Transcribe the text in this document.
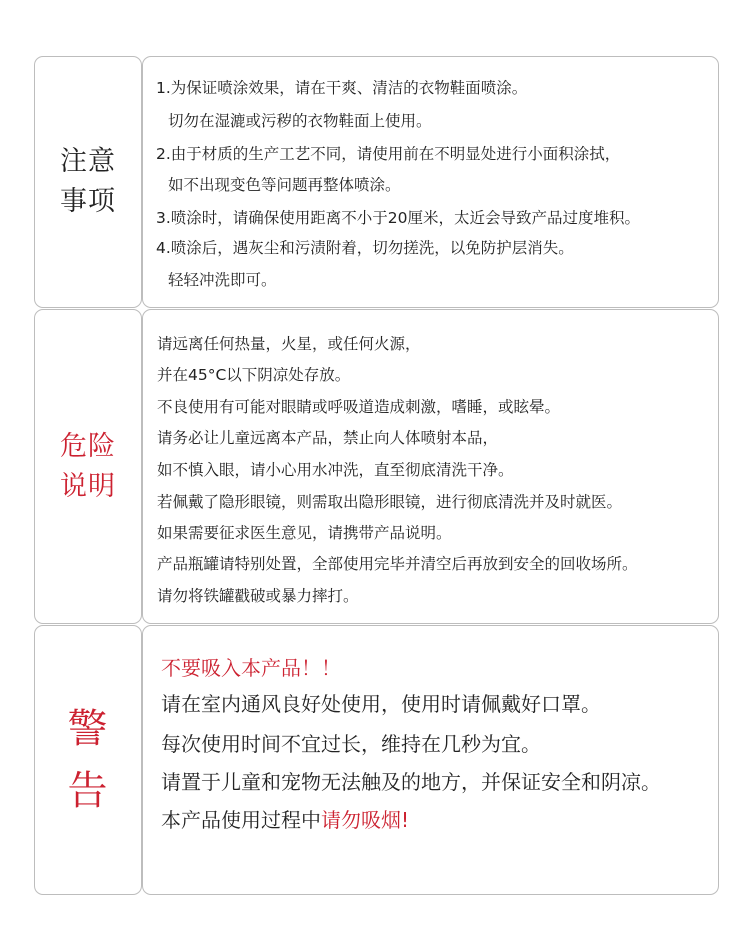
注意
事项
1.为保证喷涂效果，请在干爽、清洁的衣物鞋面喷涂。
切勿在湿漉或污秽的衣物鞋面上使用。
2.由于材质的生产工艺不同，请使用前在不明显处进行小面积涂拭，
如不出现变色等问题再整体喷涂。
3.喷涂时，请确保使用距离不小于20厘米，太近会导致产品过度堆积。
4.喷涂后，遇灰尘和污渍附着，切勿搓洗，以免防护层消失。
轻轻冲洗即可。
危险
说明
请远离任何热量，火星，或任何火源，
并在45°C以下阴凉处存放。
不良使用有可能对眼睛或呼吸道造成刺激，嗜睡，或眩晕。
请务必让儿童远离本产品，禁止向人体喷射本品，
如不慎入眼，请小心用水冲洗，直至彻底清洗干净。
若佩戴了隐形眼镜，则需取出隐形眼镜，进行彻底清洗并及时就医。
如果需要征求医生意见，请携带产品说明。
产品瓶罐请特别处置，全部使用完毕并清空后再放到安全的回收场所。
请勿将铁罐戳破或暴力摔打。
警
告
不要吸入本产品！！
请在室内通风良好处使用，使用时请佩戴好口罩。
每次使用时间不宜过长，维持在几秒为宜。
请置于儿童和宠物无法触及的地方，并保证安全和阴凉。
本产品使用过程中请勿吸烟!
